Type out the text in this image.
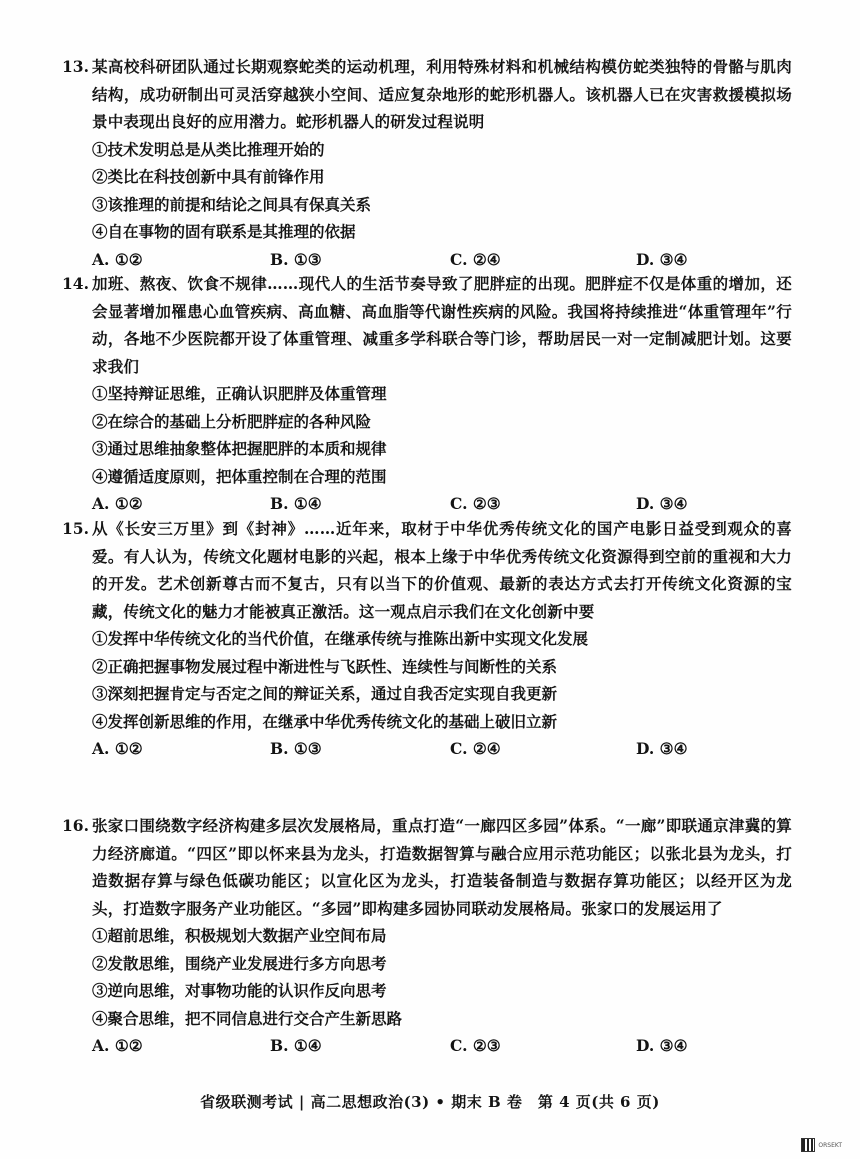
13. 某高校科研团队通过长期观察蛇类的运动机理，利用特殊材料和机械结构模仿蛇类独特的骨骼与肌肉结构，成功研制出可灵活穿越狭小空间、适应复杂地形的蛇形机器人。该机器人已在灾害救援模拟场景中表现出良好的应用潜力。蛇形机器人的研发过程说明

①技术发明总是从类比推理开始的
②类比在科技创新中具有前锋作用
③该推理的前提和结论之间具有保真关系
④自在事物的固有联系是其推理的依据
A. ①②	B. ①③	C. ②④	D. ③④
14. 加班、熬夜、饮食不规律……现代人的生活节奏导致了肥胖症的出现。肥胖症不仅是体重的增加，还会显著增加罹患心血管疾病、高血糖、高血脂等代谢性疾病的风险。我国将持续推进“体重管理年”行动，各地不少医院都开设了体重管理、减重多学科联合等门诊，帮助居民一对一定制减肥计划。这要求我们

①坚持辩证思维，正确认识肥胖及体重管理
②在综合的基础上分析肥胖症的各种风险
③通过思维抽象整体把握肥胖的本质和规律
④遵循适度原则，把体重控制在合理的范围
A. ①②	B. ①④	C. ②③	D. ③④
15. 从《长安三万里》到《封神》……近年来，取材于中华优秀传统文化的国产电影日益受到观众的喜爱。有人认为，传统文化题材电影的兴起，根本上缘于中华优秀传统文化资源得到空前的重视和大力的开发。艺术创新尊古而不复古，只有以当下的价值观、最新的表达方式去打开传统文化资源的宝藏，传统文化的魅力才能被真正激活。这一观点启示我们在文化创新中要

①发挥中华传统文化的当代价值，在继承传统与推陈出新中实现文化发展
②正确把握事物发展过程中渐进性与飞跃性、连续性与间断性的关系
③深刻把握肯定与否定之间的辩证关系，通过自我否定实现自我更新
④发挥创新思维的作用，在继承中华优秀传统文化的基础上破旧立新
A. ①②	B. ①③	C. ②④	D. ③④
16. 张家口围绕数字经济构建多层次发展格局，重点打造“一廊四区多园”体系。“一廊”即联通京津冀的算力经济廊道。“四区”即以怀来县为龙头，打造数据智算与融合应用示范功能区；以张北县为龙头，打造数据存算与绿色低碳功能区；以宣化区为龙头，打造装备制造与数据存算功能区；以经开区为龙头，打造数字服务产业功能区。“多园”即构建多园协同联动发展格局。张家口的发展运用了

①超前思维，积极规划大数据产业空间布局
②发散思维，围绕产业发展进行多方向思考
③逆向思维，对事物功能的认识作反向思考
④聚合思维，把不同信息进行交合产生新思路
A. ①②	B. ①④	C. ②③	D. ③④
省级联测考试 | 高二思想政治(3) • 期末 B 卷　第 4 页(共 6 页)
ORSEKT
